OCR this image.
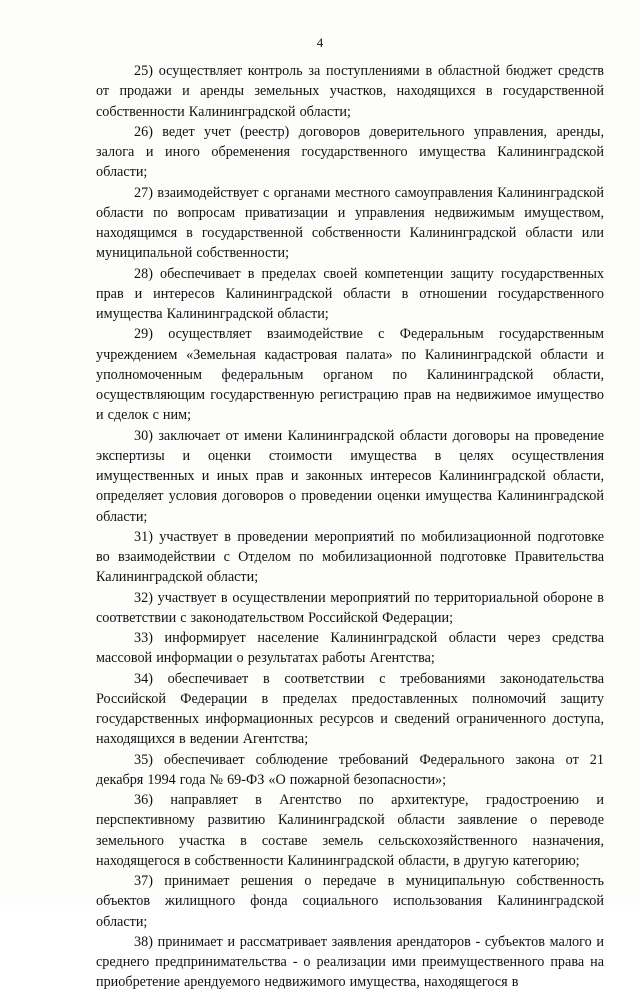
4

25) осуществляет контроль за поступлениями в областной бюджет средств от продажи и аренды земельных участков, находящихся в государственной собственности Калининградской области;

26) ведет учет (реестр) договоров доверительного управления, аренды, залога и иного обременения государственного имущества Калининградской области;

27) взаимодействует с органами местного самоуправления Калининградской области по вопросам приватизации и управления недвижимым имуществом, находящимся в государственной собственности Калининградской области или муниципальной собственности;

28) обеспечивает в пределах своей компетенции защиту государственных прав и интересов Калининградской области в отношении государственного имущества Калининградской области;

29) осуществляет взаимодействие с Федеральным государственным учреждением «Земельная кадастровая палата» по Калининградской области и уполномоченным федеральным органом по Калининградской области, осуществляющим государственную регистрацию прав на недвижимое имущество и сделок с ним;

30) заключает от имени Калининградской области договоры на проведение экспертизы и оценки стоимости имущества в целях осуществления имущественных и иных прав и законных интересов Калининградской области, определяет условия договоров о проведении оценки имущества Калининградской области;

31) участвует в проведении мероприятий по мобилизационной подготовке во взаимодействии с Отделом по мобилизационной подготовке Правительства Калининградской области;

32) участвует в осуществлении мероприятий по территориальной обороне в соответствии с законодательством Российской Федерации;

33) информирует население Калининградской области через средства массовой информации о результатах работы Агентства;

34) обеспечивает в соответствии с требованиями законодательства Российской Федерации в пределах предоставленных полномочий защиту государственных информационных ресурсов и сведений ограниченного доступа, находящихся в ведении Агентства;

35) обеспечивает соблюдение требований Федерального закона от 21 декабря 1994 года № 69-ФЗ «О пожарной безопасности»;

36) направляет в Агентство по архитектуре, градостроению и перспективному развитию Калининградской области заявление о переводе земельного участка в составе земель сельскохозяйственного назначения, находящегося в собственности Калининградской области, в другую категорию;

37) принимает решения о передаче в муниципальную собственность объектов жилищного фонда социального использования Калининградской области;

38) принимает и рассматривает заявления арендаторов - субъектов малого и среднего предпринимательства - о реализации ими преимущественного права на приобретение арендуемого недвижимого имущества, находящегося в
